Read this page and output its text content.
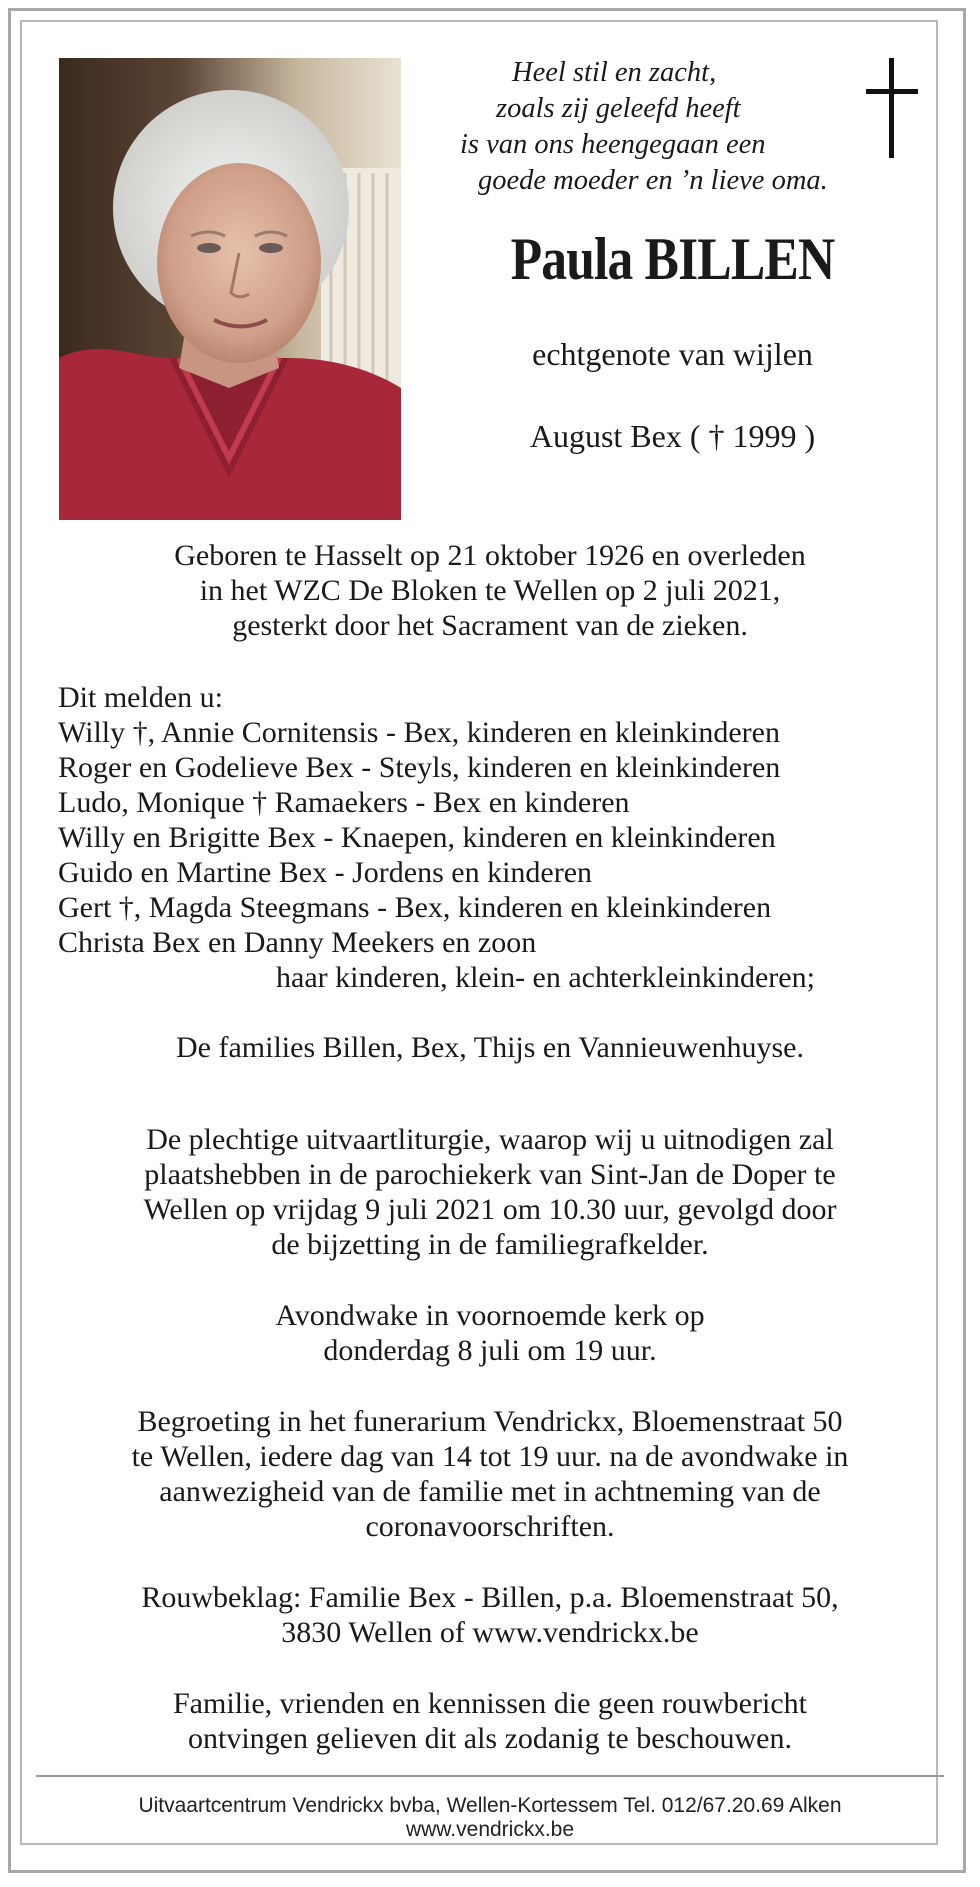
Heel stil en zacht,
zoals zij geleefd heeft
is van ons heengegaan een
goede moeder en ’n lieve oma.
Paula BILLEN
echtgenote van wijlen
August Bex ( † 1999 )
Geboren te Hasselt op 21 oktober 1926 en overleden
in het WZC De Bloken te Wellen op 2 juli 2021,
gesterkt door het Sacrament van de zieken.
Dit melden u:
Willy †, Annie Cornitensis - Bex, kinderen en kleinkinderen
Roger en Godelieve Bex - Steyls, kinderen en kleinkinderen
Ludo, Monique † Ramaekers - Bex en kinderen
Willy en Brigitte Bex - Knaepen, kinderen en kleinkinderen
Guido en Martine Bex - Jordens en kinderen
Gert †, Magda Steegmans - Bex, kinderen en kleinkinderen
Christa Bex en Danny Meekers en zoon
haar kinderen, klein- en achterkleinkinderen;
De families Billen, Bex, Thijs en Vannieuwenhuyse.
De plechtige uitvaartliturgie, waarop wij u uitnodigen zal
plaatshebben in de parochiekerk van Sint-Jan de Doper te
Wellen op vrijdag 9 juli 2021 om 10.30 uur, gevolgd door
de bijzetting in de familiegrafkelder.
Avondwake in voornoemde kerk op
donderdag 8 juli om 19 uur.
Begroeting in het funerarium Vendrickx, Bloemenstraat 50
te Wellen, iedere dag van 14 tot 19 uur. na de avondwake in
aanwezigheid van de familie met in achtneming van de
coronavoorschriften.
Rouwbeklag: Familie Bex - Billen, p.a. Bloemenstraat 50,
3830 Wellen of www.vendrickx.be
Familie, vrienden en kennissen die geen rouwbericht
ontvingen gelieven dit als zodanig te beschouwen.
Uitvaartcentrum Vendrickx bvba, Wellen-Kortessem Tel. 012/67.20.69 Alken
www.vendrickx.be
